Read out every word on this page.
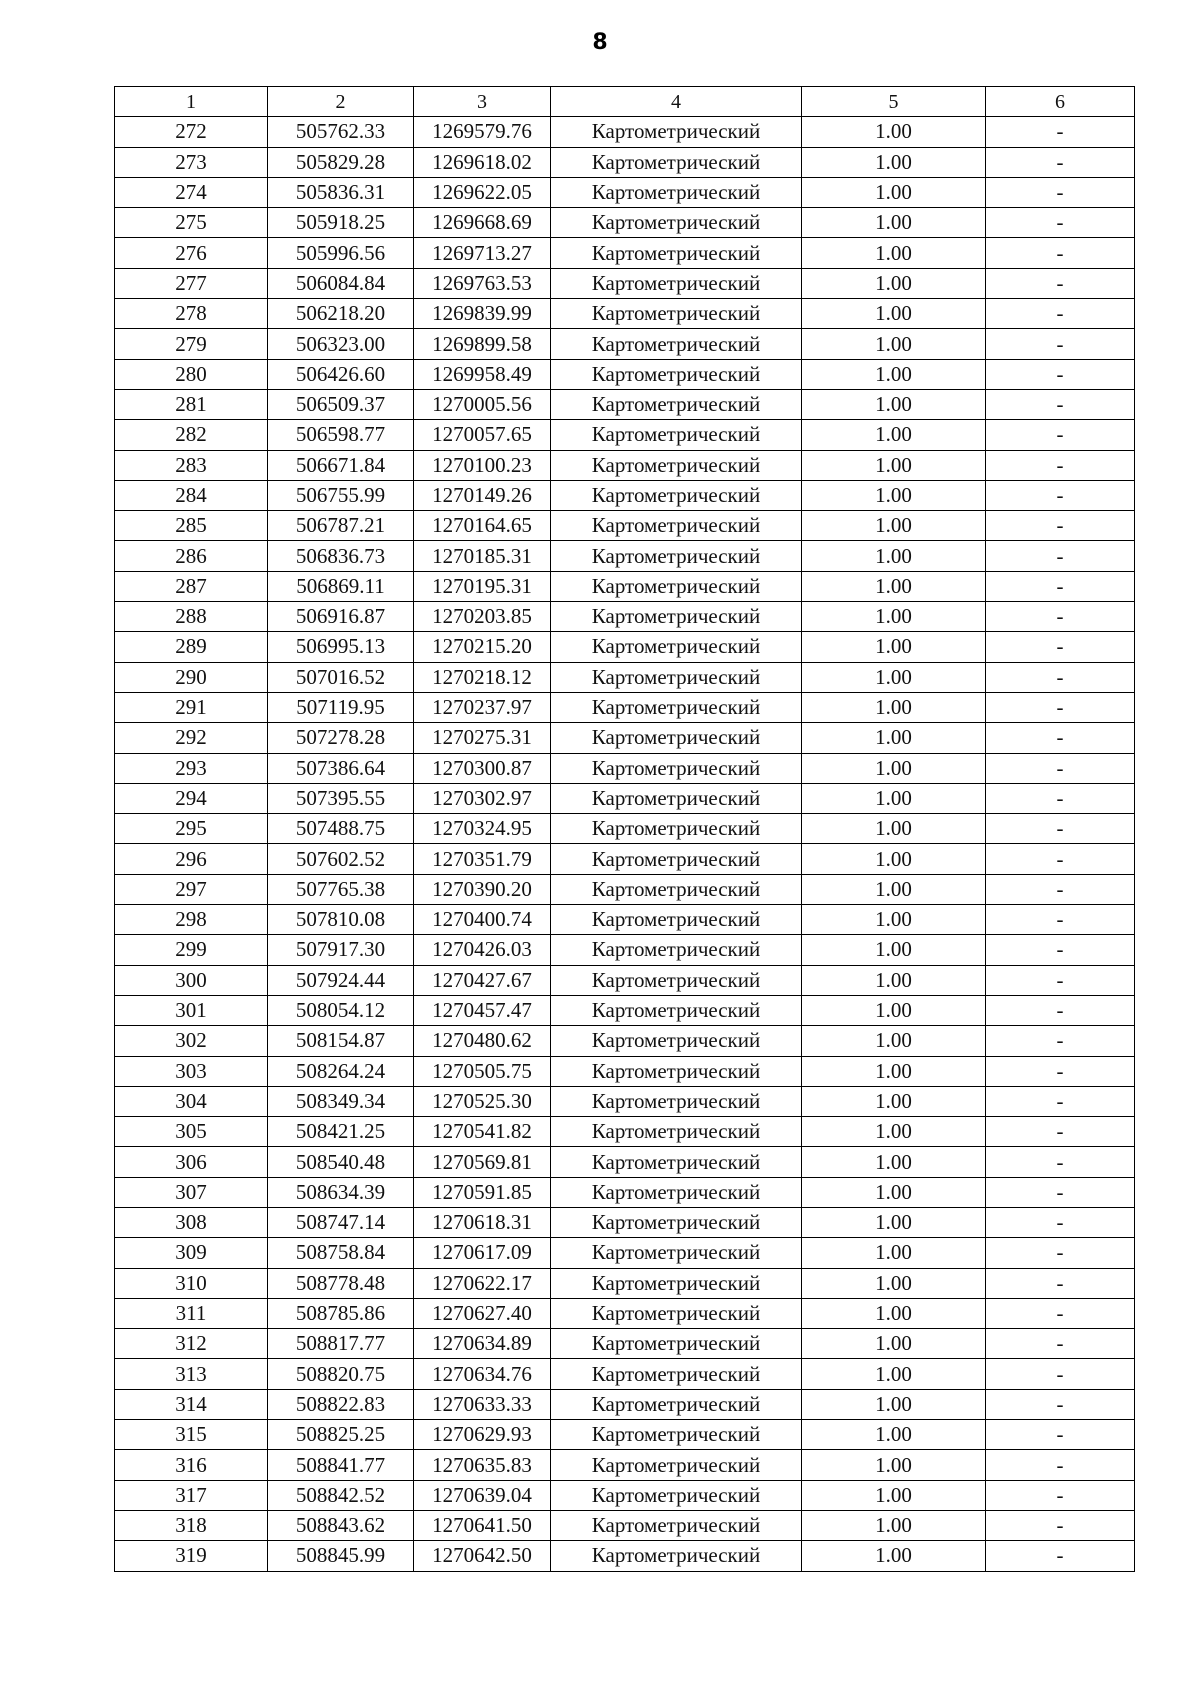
8
1	2	3	4	5	6
272	505762.33	1269579.76	Картометрический	1.00	-
273	505829.28	1269618.02	Картометрический	1.00	-
274	505836.31	1269622.05	Картометрический	1.00	-
275	505918.25	1269668.69	Картометрический	1.00	-
276	505996.56	1269713.27	Картометрический	1.00	-
277	506084.84	1269763.53	Картометрический	1.00	-
278	506218.20	1269839.99	Картометрический	1.00	-
279	506323.00	1269899.58	Картометрический	1.00	-
280	506426.60	1269958.49	Картометрический	1.00	-
281	506509.37	1270005.56	Картометрический	1.00	-
282	506598.77	1270057.65	Картометрический	1.00	-
283	506671.84	1270100.23	Картометрический	1.00	-
284	506755.99	1270149.26	Картометрический	1.00	-
285	506787.21	1270164.65	Картометрический	1.00	-
286	506836.73	1270185.31	Картометрический	1.00	-
287	506869.11	1270195.31	Картометрический	1.00	-
288	506916.87	1270203.85	Картометрический	1.00	-
289	506995.13	1270215.20	Картометрический	1.00	-
290	507016.52	1270218.12	Картометрический	1.00	-
291	507119.95	1270237.97	Картометрический	1.00	-
292	507278.28	1270275.31	Картометрический	1.00	-
293	507386.64	1270300.87	Картометрический	1.00	-
294	507395.55	1270302.97	Картометрический	1.00	-
295	507488.75	1270324.95	Картометрический	1.00	-
296	507602.52	1270351.79	Картометрический	1.00	-
297	507765.38	1270390.20	Картометрический	1.00	-
298	507810.08	1270400.74	Картометрический	1.00	-
299	507917.30	1270426.03	Картометрический	1.00	-
300	507924.44	1270427.67	Картометрический	1.00	-
301	508054.12	1270457.47	Картометрический	1.00	-
302	508154.87	1270480.62	Картометрический	1.00	-
303	508264.24	1270505.75	Картометрический	1.00	-
304	508349.34	1270525.30	Картометрический	1.00	-
305	508421.25	1270541.82	Картометрический	1.00	-
306	508540.48	1270569.81	Картометрический	1.00	-
307	508634.39	1270591.85	Картометрический	1.00	-
308	508747.14	1270618.31	Картометрический	1.00	-
309	508758.84	1270617.09	Картометрический	1.00	-
310	508778.48	1270622.17	Картометрический	1.00	-
311	508785.86	1270627.40	Картометрический	1.00	-
312	508817.77	1270634.89	Картометрический	1.00	-
313	508820.75	1270634.76	Картометрический	1.00	-
314	508822.83	1270633.33	Картометрический	1.00	-
315	508825.25	1270629.93	Картометрический	1.00	-
316	508841.77	1270635.83	Картометрический	1.00	-
317	508842.52	1270639.04	Картометрический	1.00	-
318	508843.62	1270641.50	Картометрический	1.00	-
319	508845.99	1270642.50	Картометрический	1.00	-
